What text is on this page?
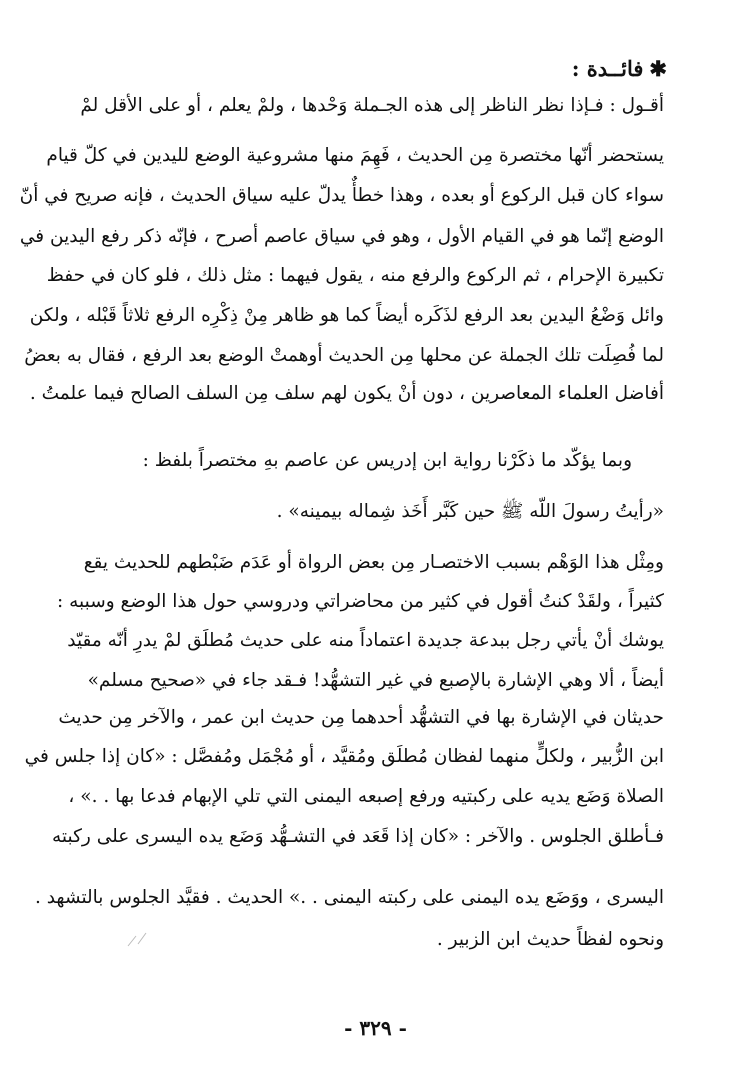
✱فائــدة :
أقـول : فـإذا نظر الناظر إلى هذه الجـملة وَحْدها ، ولمْ يعلم ، أو على الأقل لمْ
يستحضر أنّها مختصرة مِن الحديث ، فَهِمَ منها مشروعية الوضع لليدين في كلّ قيام
سواء كان قبل الركوع أو بعده ، وهذا خطأٌ يدلّ عليه سياق الحديث ، فإنه صريح في أنّ
الوضع إنّما هو في القيام الأول ، وهو في سياق عاصم أصرح ، فإنّه ذكر رفع اليدين في
تكبيرة الإحرام ، ثم الركوع والرفع منه ، يقول فيهما : مثل ذلك ، فلو كان في حفظ
وائل وَضْعُ اليدين بعد الرفع لذَكَره أيضاً كما هو ظاهر مِنْ ذِكْرِه الرفع ثلاثاً قَبْله ، ولكن
لما فُصِلَت تلك الجملة عن محلها مِن الحديث أوهمتْ الوضع بعد الرفع ، فقال به بعضُ
أفاضل العلماء المعاصرين ، دون أنْ يكون لهم سلف مِن السلف الصالح فيما علمتُ .
وبما يؤكّد ما ذكَرْنا رواية ابن إدريس عن عاصم بهِ مختصراً بلفظ :
«رأيتُ رسولَ اللّه ﷺ حين كَبَّر أَخَذ شِماله بيمينه» .
ومِثْل هذا الوَهْم بسبب الاختصـار مِن بعض الرواة أو عَدَم ضَبْطهم للحديث يقع
كثيراً ، ولقَدْ كنتُ أقول في كثير من محاضراتي ودروسي حول هذا الوضع وسببه :
يوشك أنْ يأتي رجل ببدعة جديدة اعتماداً منه على حديث مُطلَق لمْ يدرِ أنّه مقيّد
أيضاً ، ألا وهي الإشارة بالإصبع في غير التشهُّد! فـقد جاء في «صحيح مسلم»
حديثان في الإشارة بها في التشهُّد أحدهما مِن حديث ابن عمر ، والآخر مِن حديث
ابن الزُّبير ، ولكلٍّ منهما لفظان مُطلَق ومُقيَّد ، أو مُجْمَل ومُفصَّل : «كان إذا جلس في
الصلاة وَضَع يديه على ركبتيه ورفع إصبعه اليمنى التي تلي الإبهام فدعا بها . .» ،
فـأطلق الجلوس . والآخر : «كان إذا قَعَد في التشـهُّد وَضَع يده اليسرى على ركبته
اليسرى ، ووَضَع يده اليمنى على ركبته اليمنى . .» الحديث . فقيَّد الجلوس بالتشهد .
ونحوه لفظاً حديث ابن الزبير .
- ٣٢٩ -
